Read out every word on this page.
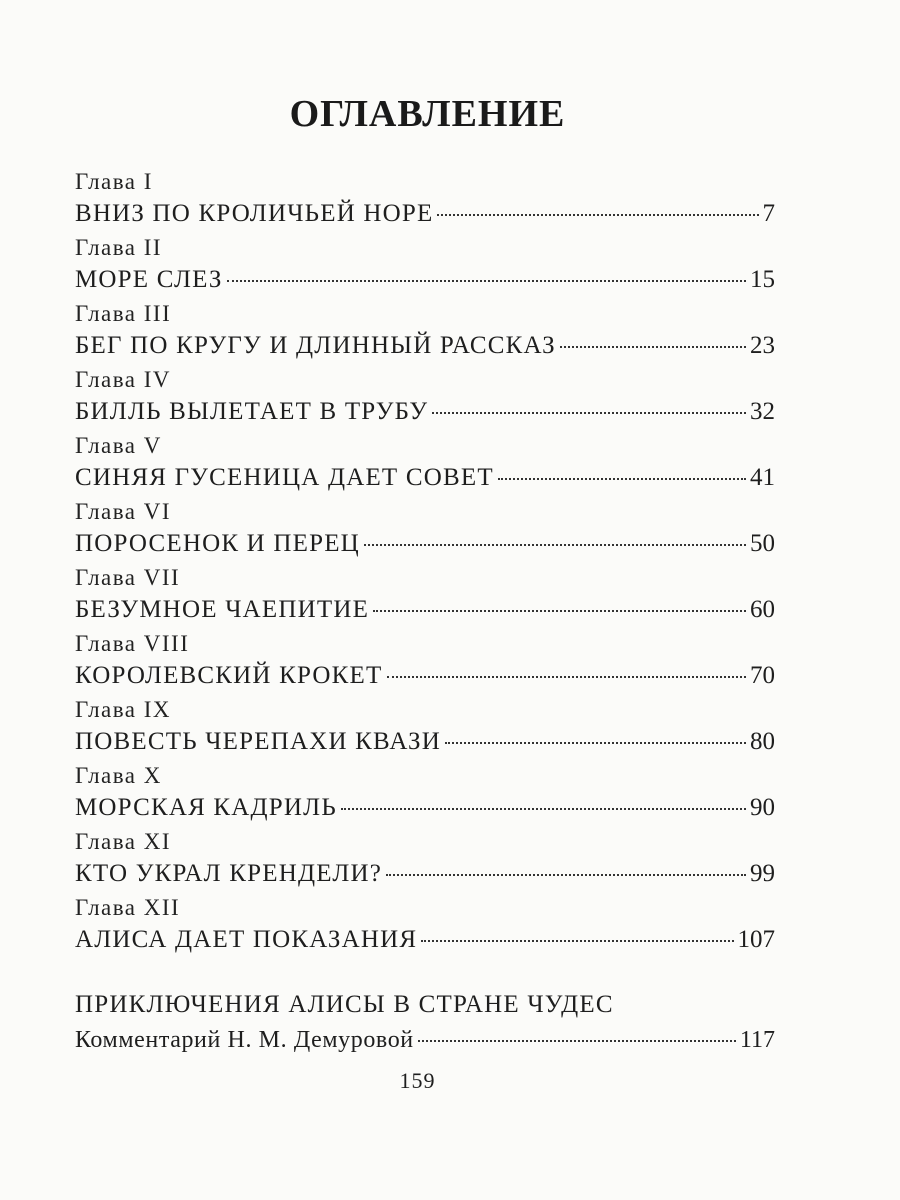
ОГЛАВЛЕНИЕ
Глава I
ВНИЗ ПО КРОЛИЧЬЕЙ НОРЕ	7
Глава II
МОРЕ СЛЕЗ	15
Глава III
БЕГ ПО КРУГУ И ДЛИННЫЙ РАССКАЗ	23
Глава IV
БИЛЛЬ ВЫЛЕТАЕТ В ТРУБУ	32
Глава V
СИНЯЯ ГУСЕНИЦА ДАЕТ СОВЕТ	41
Глава VI
ПОРОСЕНОК И ПЕРЕЦ	50
Глава VII
БЕЗУМНОЕ ЧАЕПИТИЕ	60
Глава VIII
КОРОЛЕВСКИЙ КРОКЕТ	70
Глава IX
ПОВЕСТЬ ЧЕРЕПАХИ КВАЗИ	80
Глава X
МОРСКАЯ КАДРИЛЬ	90
Глава XI
КТО УКРАЛ КРЕНДЕЛИ?	99
Глава XII
АЛИСА ДАЕТ ПОКАЗАНИЯ	107
ПРИКЛЮЧЕНИЯ АЛИСЫ В СТРАНЕ ЧУДЕС
Комментарий Н. М. Демуровой	117
159
